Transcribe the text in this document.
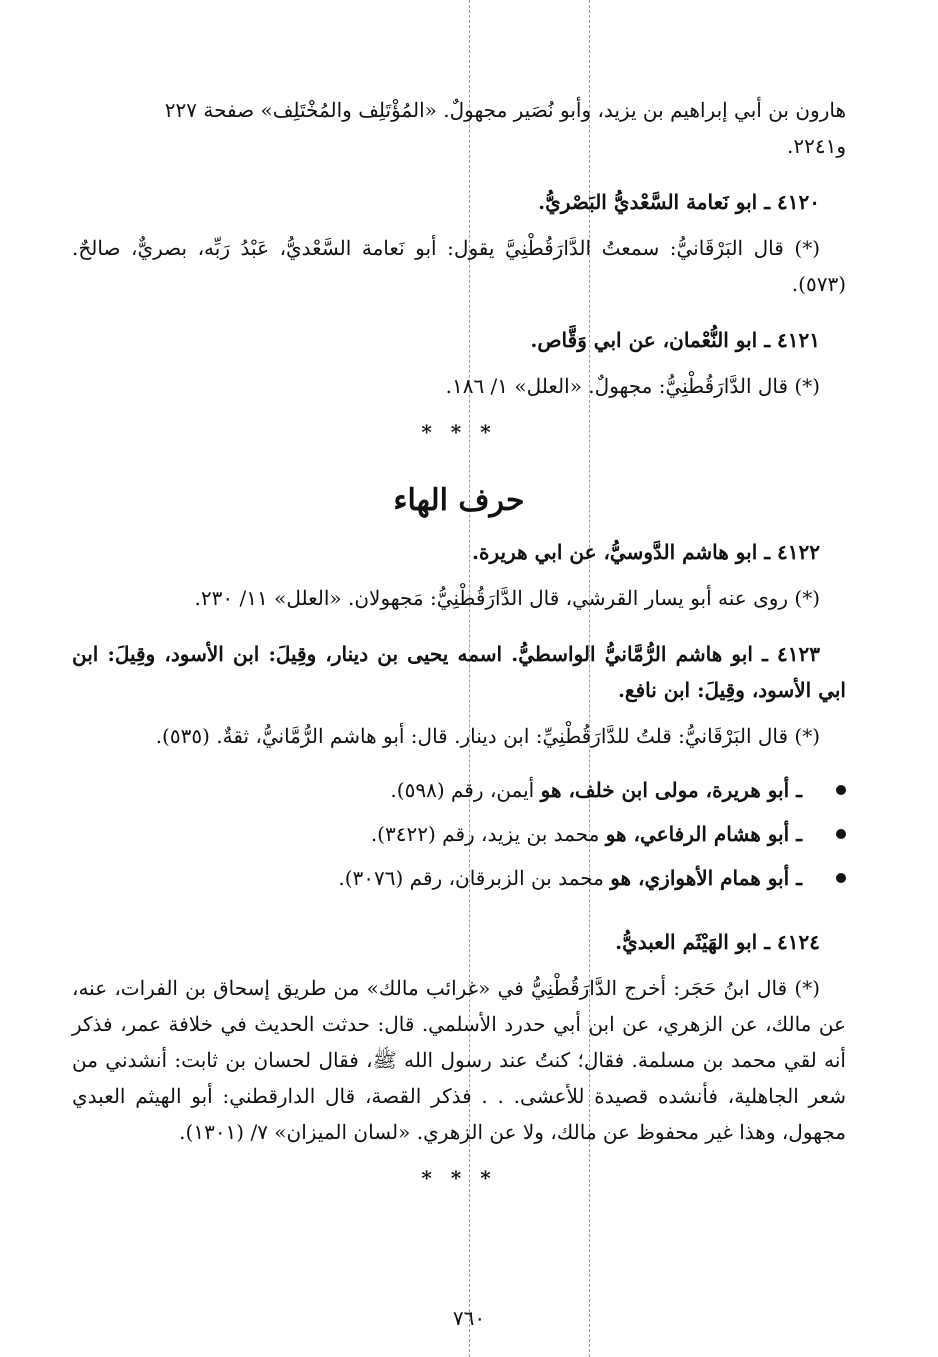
هارون بن أبي إبراهيم بن يزيد، وأبو نُصَير مجهولٌ. «المُؤْتَلِف والمُخْتَلِف» صفحة ٢٢٧

و٢٢٤١.

٤١٢٠ ـ ابو نَعامة السَّعْديُّ البَصْريُّ.

(*) قال البَرْقَانيُّ: سمعتُ الدَّارَقُطْنِيَّ يقول: أبو نَعامة السَّعْديُّ، عَبْدُ رَبِّه، بصريٌّ، صالحٌ. (٥٧٣).

٤١٢١ ـ ابو النُّعْمان، عن ابي وَقَّاص.

(*) قال الدَّارَقُطْنِيُّ: مجهولٌ. «العلل» ١/ ١٨٦.

* * *

حرف الهاء

٤١٢٢ ـ ابو هاشم الدَّوسيُّ، عن ابي هريرة.

(*) روى عنه أبو يسار القرشي، قال الدَّارَقُطْنِيُّ: مَجهولان. «العلل» ١١/ ٢٣٠.

٤١٢٣ ـ ابو هاشم الرُّمَّانيُّ الواسطيُّ. اسمه يحيى بن دينار، وقِيلَ: ابن الأسود، وقِيلَ: ابن ابي الأسود، وقِيلَ: ابن نافع.

(*) قال البَرْقَانيُّ: قلتُ للدَّارَقُطْنِيِّ: ابن دينار. قال: أبو هاشم الرُّمَّانيُّ، ثقةٌ. (٥٣٥).

ـ أبو هريرة، مولى ابن خلف، هو أيمن، رقم (٥٩٨).

ـ أبو هشام الرفاعي، هو محمد بن يزيد، رقم (٣٤٢٢).

ـ أبو همام الأهوازي، هو محمد بن الزبرقان، رقم (٣٠٧٦).

٤١٢٤ ـ ابو الهَيْثَم العبديُّ.

(*) قال ابنُ حَجَر: أخرج الدَّارَقُطْنِيُّ في «غرائب مالك» من طريق إسحاق بن الفرات، عنه، عن مالك، عن الزهري، عن ابن أبي حدرد الأسلمي. قال: حدثت الحديث في خلافة عمر، فذكر أنه لقي محمد بن مسلمة. فقال؛ كنتُ عند رسول الله ﷺ، فقال لحسان بن ثابت: أنشدني من شعر الجاهلية، فأنشده قصيدة للأعشى. . . فذكر القصة، قال الدارقطني: أبو الهيثم العبدي مجهول، وهذا غير محفوظ عن مالك، ولا عن الزهري. «لسان الميزان» ٧/ (١٣٠١).

* * *

٧٦٠
